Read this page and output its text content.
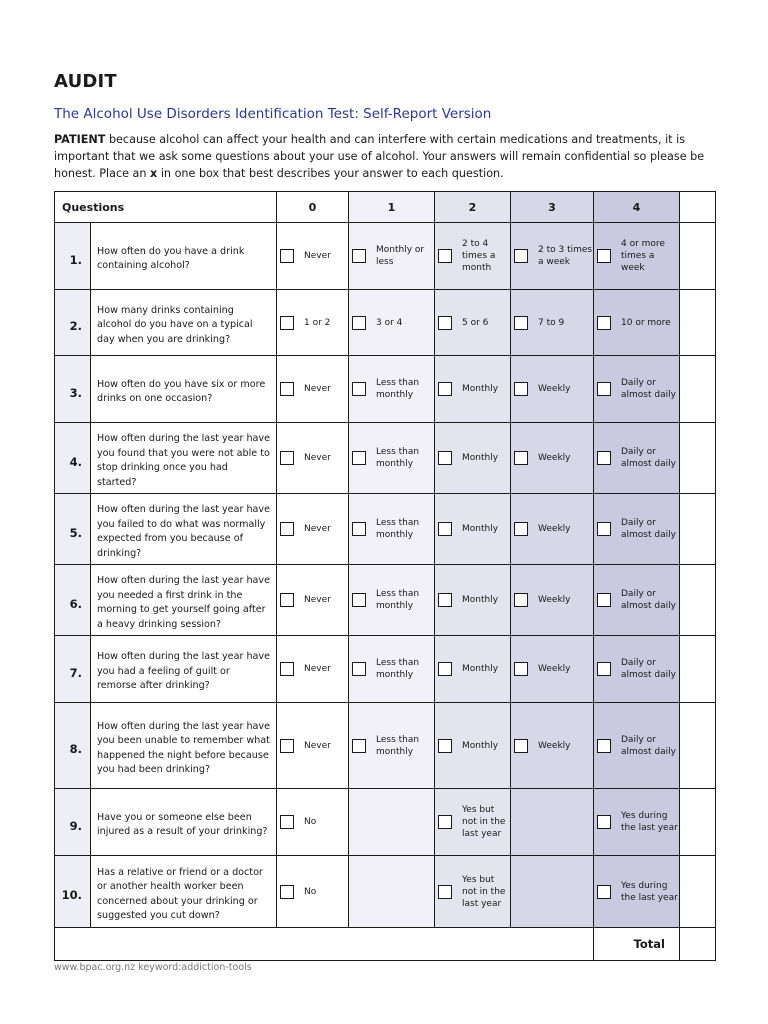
AUDIT
The Alcohol Use Disorders Identification Test: Self-Report Version
PATIENT because alcohol can affect your health and can interfere with certain medications and treatments, it is important that we ask some questions about your use of alcohol. Your answers will remain confidential so please be honest. Place an x in one box that best describes your answer to each question.
Questions		0	1	2	3	4	
1.	How often do you have a drink containing alcohol?	Never	Monthly or less	2 to 4 times a month	2 to 3 times a week	4 or more times a week	

2.	How many drinks containing alcohol do you have on a typical day when you are drinking?	1 or 2	3 or 4	5 or 6	7 to 9	10 or more	

3.	How often do you have six or more drinks on one occasion?	Never	Less than monthly	Monthly	Weekly	Daily or almost daily	

4.	How often during the last year have you found that you were not able to stop drinking once you had started?	Never	Less than monthly	Monthly	Weekly	Daily or almost daily	

5.	How often during the last year have you failed to do what was normally expected from you because of drinking?	Never	Less than monthly	Monthly	Weekly	Daily or almost daily	

6.	How often during the last year have you needed a first drink in the morning to get yourself going after a heavy drinking session?	Never	Less than monthly	Monthly	Weekly	Daily or almost daily	

7.	How often during the last year have you had a feeling of guilt or remorse after drinking?	Never	Less than monthly	Monthly	Weekly	Daily or almost daily	

8.	How often during the last year have you been unable to remember what happened the night before because you had been drinking?	Never	Less than monthly	Monthly	Weekly	Daily or almost daily	

9.	Have you or someone else been injured as a result of your drinking?	No		Yes but not in the last year		Yes during the last year	

10.	Has a relative or friend or a doctor or another health worker been concerned about your drinking or suggested you cut down?	No		Yes but not in the last year		Yes during the last year	

						Total	
www.bpac.org.nz keyword:addiction-tools
